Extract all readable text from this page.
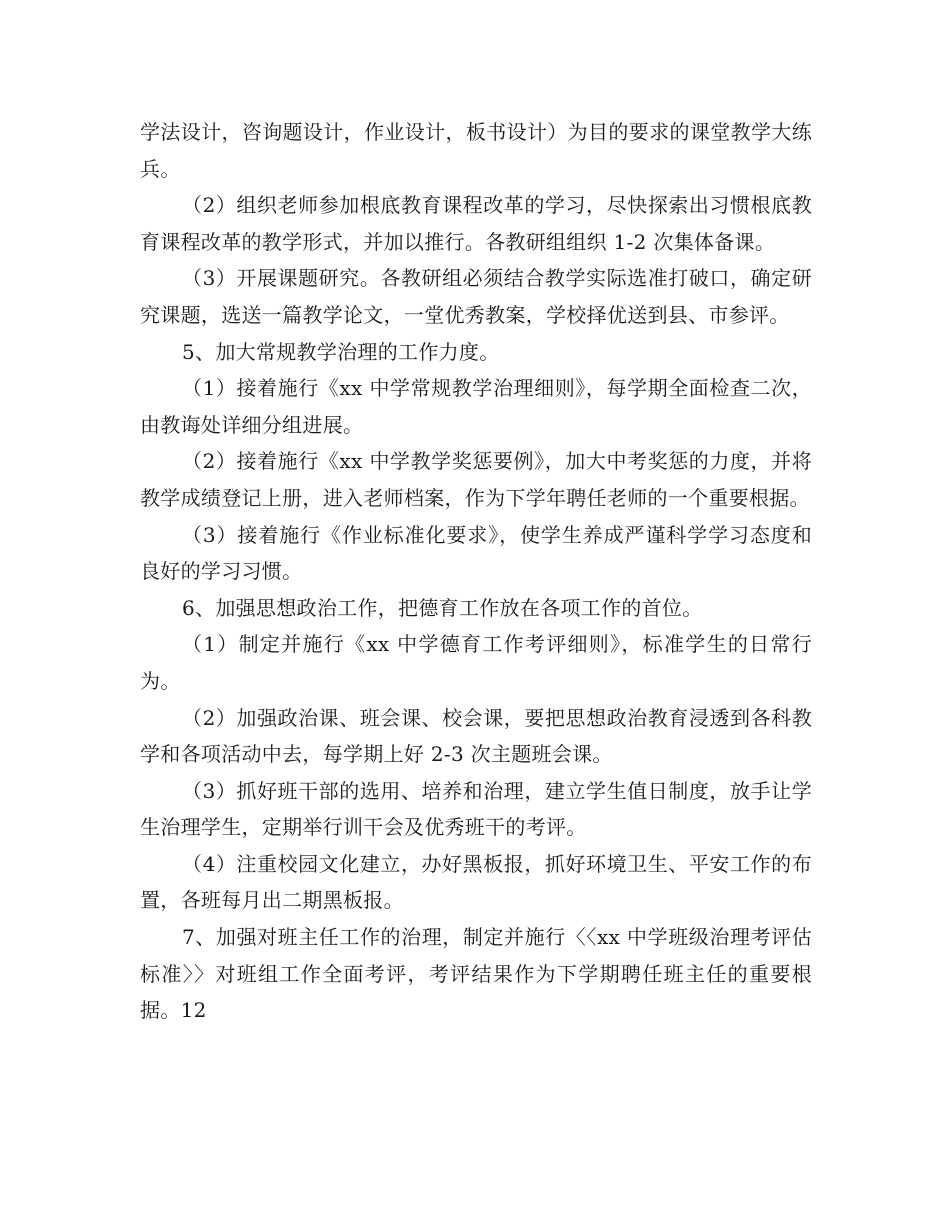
学法设计，咨询题设计，作业设计，板书设计）为目的要求的课堂教学大练兵。

（2）组织老师参加根底教育课程改革的学习，尽快探索出习惯根底教育课程改革的教学形式，并加以推行。各教研组组织 1-2 次集体备课。

（3）开展课题研究。各教研组必须结合教学实际选准打破口，确定研究课题，选送一篇教学论文，一堂优秀教案，学校择优送到县、市参评。

5、加大常规教学治理的工作力度。

（1）接着施行《xx 中学常规教学治理细则》，每学期全面检查二次，由教诲处详细分组进展。

（2）接着施行《xx 中学教学奖惩要例》，加大中考奖惩的力度，并将教学成绩登记上册，进入老师档案，作为下学年聘任老师的一个重要根据。

（3）接着施行《作业标准化要求》，使学生养成严谨科学学习态度和良好的学习习惯。

6、加强思想政治工作，把德育工作放在各项工作的首位。

（1）制定并施行《xx 中学德育工作考评细则》，标准学生的日常行为。

（2）加强政治课、班会课、校会课，要把思想政治教育浸透到各科教学和各项活动中去，每学期上好 2-3 次主题班会课。

（3）抓好班干部的选用、培养和治理，建立学生值日制度，放手让学生治理学生，定期举行训干会及优秀班干的考评。

（4）注重校园文化建立，办好黑板报，抓好环境卫生、平安工作的布置，各班每月出二期黑板报。

7、加强对班主任工作的治理，制定并施行〈〈xx 中学班级治理考评估标准〉〉对班组工作全面考评，考评结果作为下学期聘任班主任的重要根据。12
